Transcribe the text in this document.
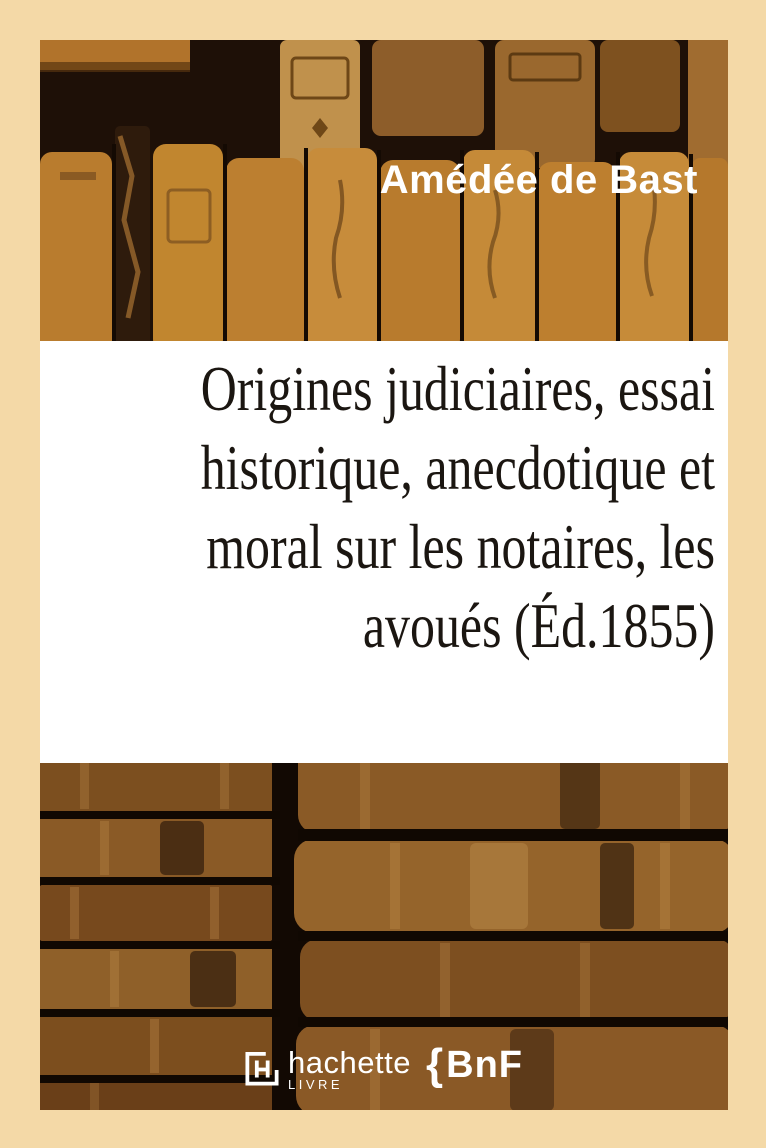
Amédée de Bast
Origines judiciaires, essai
historique, anecdotique et
moral sur les notaires, les
avoués (Éd.1855)
hachette
LIVRE	{ BnF
